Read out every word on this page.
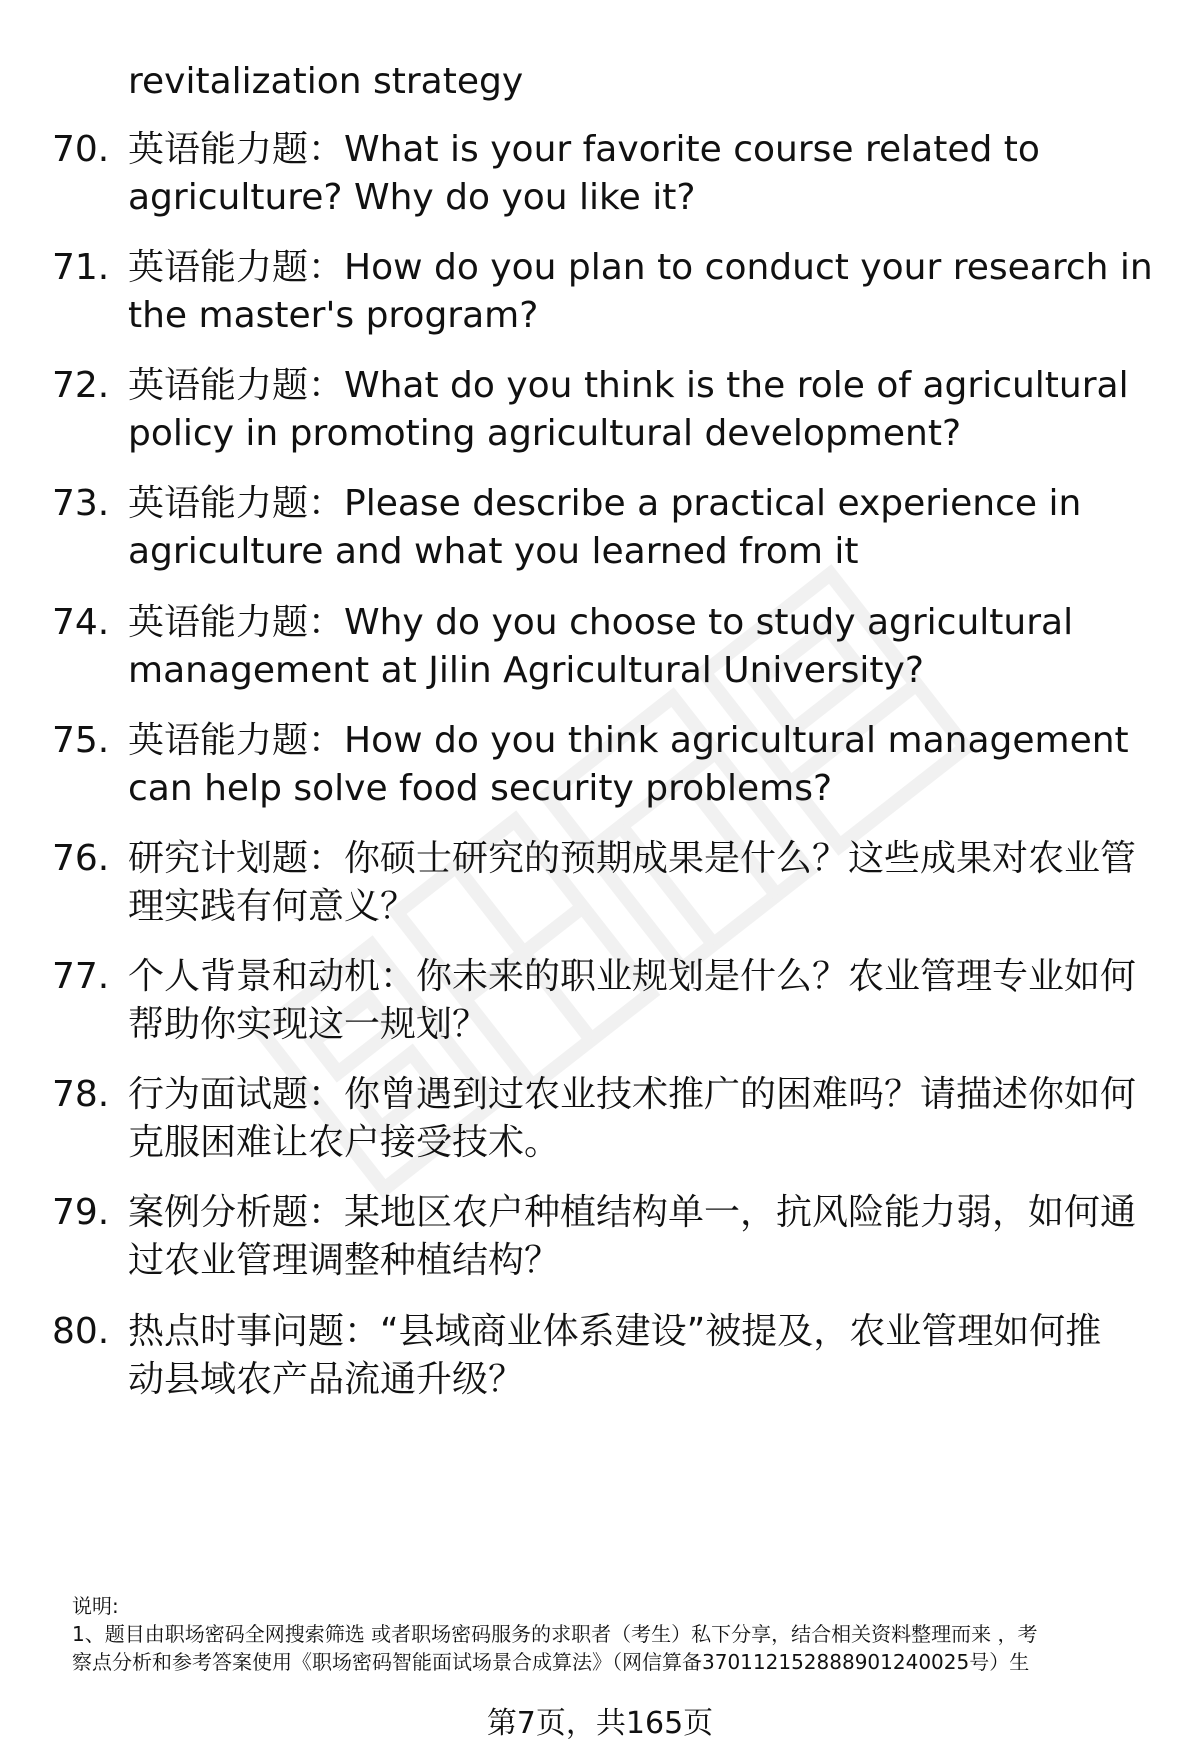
revitalization strategy
70. 英语能力题：What is your favorite course related to
agriculture? Why do you like it?
71. 英语能力题：How do you plan to conduct your research in
the master's program?
72. 英语能力题：What do you think is the role of agricultural
policy in promoting agricultural development?
73. 英语能力题：Please describe a practical experience in
agriculture and what you learned from it
74. 英语能力题：Why do you choose to study agricultural
management at Jilin Agricultural University?
75. 英语能力题：How do you think agricultural management
can help solve food security problems?
76. 研究计划题：你硕士研究的预期成果是什么？这些成果对农业管
理实践有何意义？
77. 个人背景和动机：你未来的职业规划是什么？农业管理专业如何
帮助你实现这一规划？
78. 行为面试题：你曾遇到过农业技术推广的困难吗？请描述你如何
克服困难让农户接受技术。
79. 案例分析题：某地区农户种植结构单一，抗风险能力弱，如何通
过农业管理调整种植结构？
80. 热点时事问题：“县域商业体系建设”被提及，农业管理如何推
动县域农产品流通升级？
说明:
1、题目由职场密码全网搜索筛选 或者职场密码服务的求职者（考生）私下分享，结合相关资料整理而来 ，考
察点分析和参考答案使用《职场密码智能面试场景合成算法》（网信算备370112152888901240025号）生
第7页，共165页
